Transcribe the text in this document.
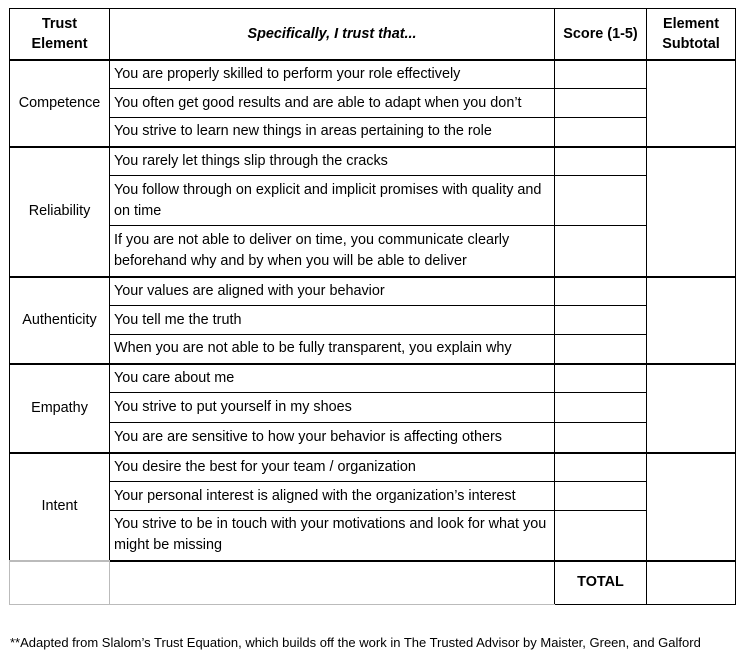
Trust Element	Specifically, I trust that...	Score (1-5)	Element Subtotal
Competence	You are properly skilled to perform your role effectively		
	You often get good results and are able to adapt when you don’t		
	You strive to learn new things in areas pertaining to the role		
Reliability	You rarely let things slip through the cracks		
	You follow through on explicit and implicit promises with quality and on time		
	If you are not able to deliver on time, you communicate clearly beforehand why and by when you will be able to deliver		
Authenticity	Your values are aligned with your behavior		
	You tell me the truth		
	When you are not able to be fully transparent, you explain why		
Empathy	You care about me		
	You strive to put yourself in my shoes		
	You are are sensitive to how your behavior is affecting others		
Intent	You desire the best for your team / organization		
	Your personal interest is aligned with the organization’s interest		
	You strive to be in touch with your motivations and look for what you might be missing		
		TOTAL	
**Adapted from Slalom’s Trust Equation, which builds off the work in The Trusted Advisor by Maister, Green, and Galford
